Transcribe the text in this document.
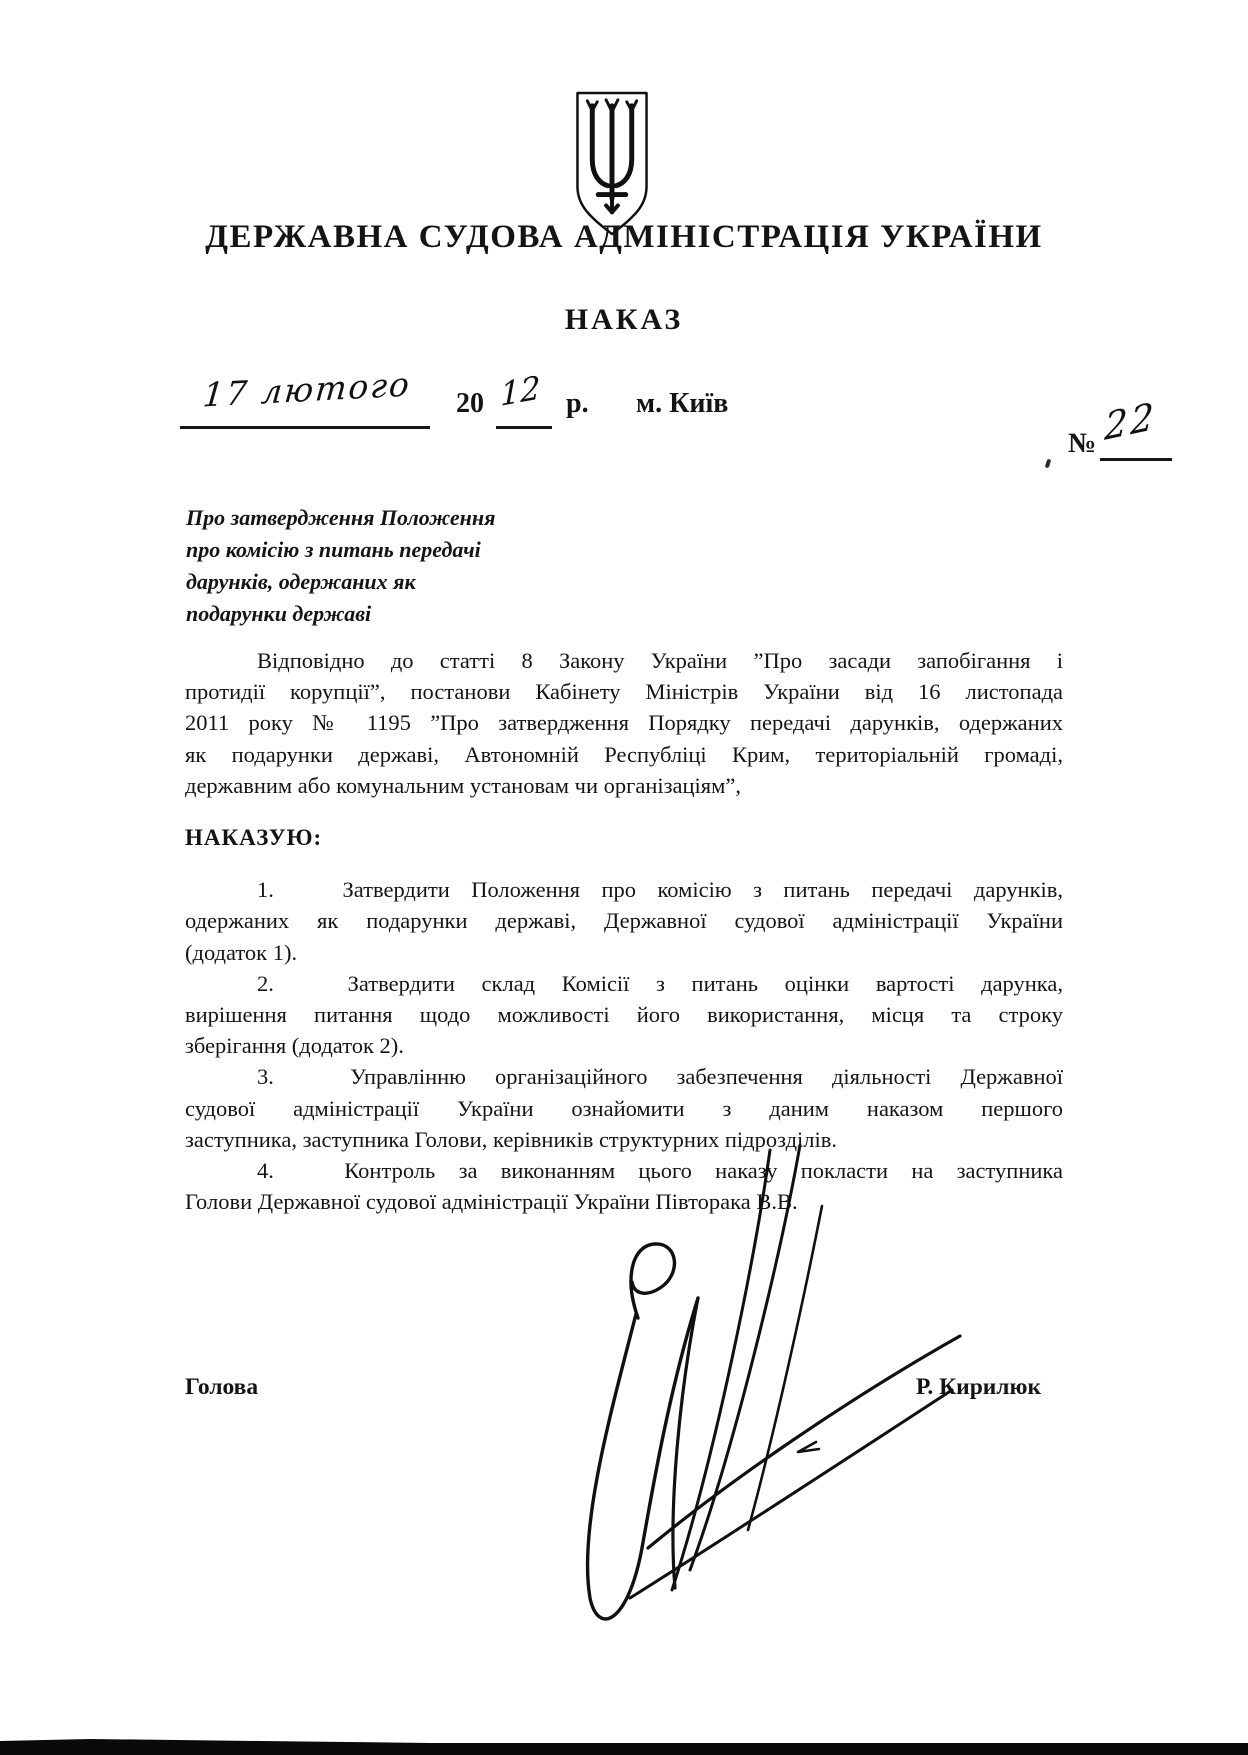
ДЕРЖАВНА СУДОВА АДМІНІСТРАЦІЯ УКРАЇНИ
НАКАЗ
17 лютого	20 12 р. м. Київ
№ 22
Про затвердження Положення
про комісію з питань передачі
дарунків, одержаних як
подарунки державі
Відповідно до статті 8 Закону України ”Про засади запобігання і
протидії корупції”, постанови Кабінету Міністрів України від 16 листопада
2011 року № 1195 ”Про затвердження Порядку передачі дарунків, одержаних
як подарунки державі, Автономній Республіці Крим, територіальній громаді,
державним або комунальним установам чи організаціям”,
НАКАЗУЮ:
1.	Затвердити Положення про комісію з питань передачі дарунків,
одержаних як подарунки державі, Державної судової адміністрації України
(додаток 1).
2.	Затвердити склад Комісії з питань оцінки вартості дарунка,
вирішення питання щодо можливості його використання, місця та строку
зберігання (додаток 2).
3.	Управлінню організаційного забезпечення діяльності Державної
судової адміністрації України ознайомити з даним наказом першого
заступника, заступника Голови, керівників структурних підрозділів.
4.	Контроль за виконанням цього наказу покласти на заступника
Голови Державної судової адміністрації України Півторака В.В.
Голова	Р. Кирилюк
